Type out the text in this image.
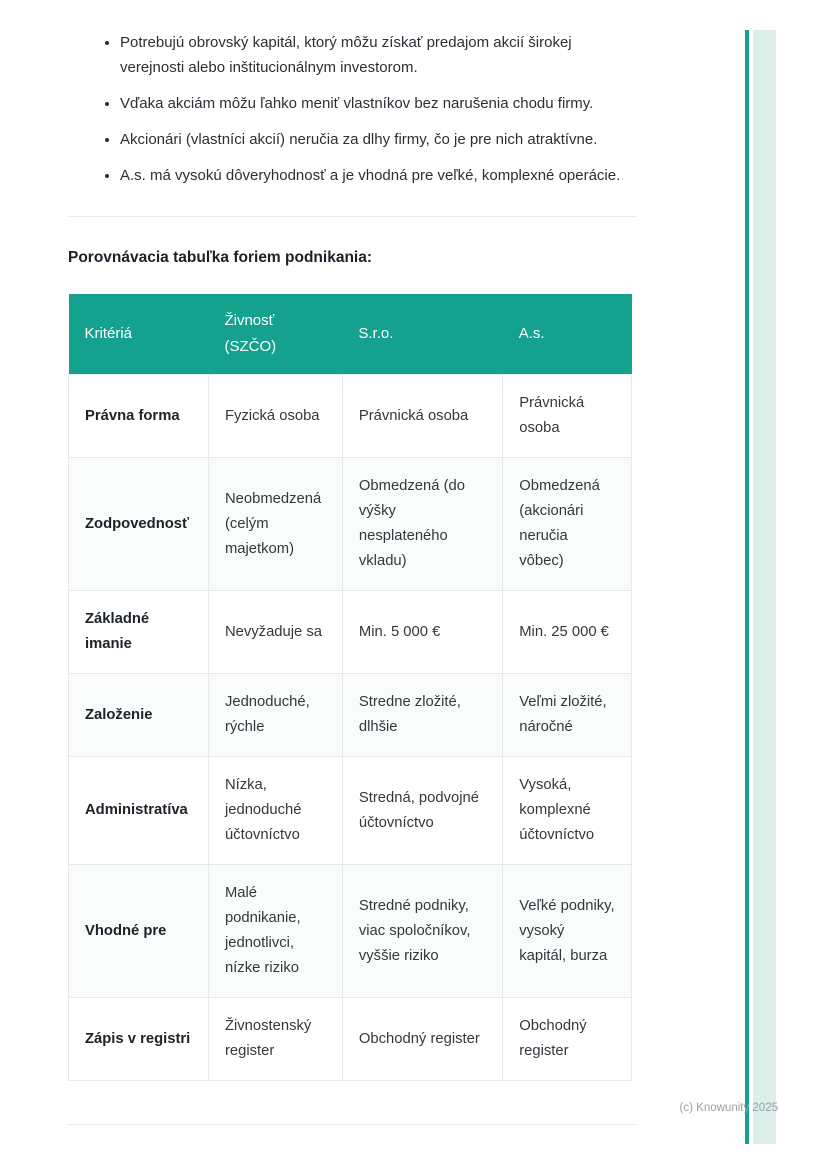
• Potrebujú obrovský kapitál, ktorý môžu získať predajom akcií širokej verejnosti alebo inštitucionálnym investorom.
• Vďaka akciám môžu ľahko meniť vlastníkov bez narušenia chodu firmy.
• Akcionári (vlastníci akcií) neručia za dlhy firmy, čo je pre nich atraktívne.
• A.s. má vysokú dôveryhodnosť a je vhodná pre veľké, komplexné operácie.
Porovnávacia tabuľka foriem podnikania:
Kritériá	Živnosť (SZČO)	S.r.o.	A.s.
Právna forma	Fyzická osoba	Právnická osoba	Právnická osoba
Zodpovednosť	Neobmedzená (celým majetkom)	Obmedzená (do výšky nesplateného vkladu)	Obmedzená (akcionári neručia vôbec)
Základné imanie	Nevyžaduje sa	Min. 5 000 €	Min. 25 000 €
Založenie	Jednoduché, rýchle	Stredne zložité, dlhšie	Veľmi zložité, náročné
Administratíva	Nízka, jednoduché účtovníctvo	Stredná, podvojné účtovníctvo	Vysoká, komplexné účtovníctvo
Vhodné pre	Malé podnikanie, jednotlivci, nízke riziko	Stredné podniky, viac spoločníkov, vyššie riziko	Veľké podniky, vysoký kapitál, burza
Zápis v registri	Živnostenský register	Obchodný register	Obchodný register
(c) Knowunity 2025
